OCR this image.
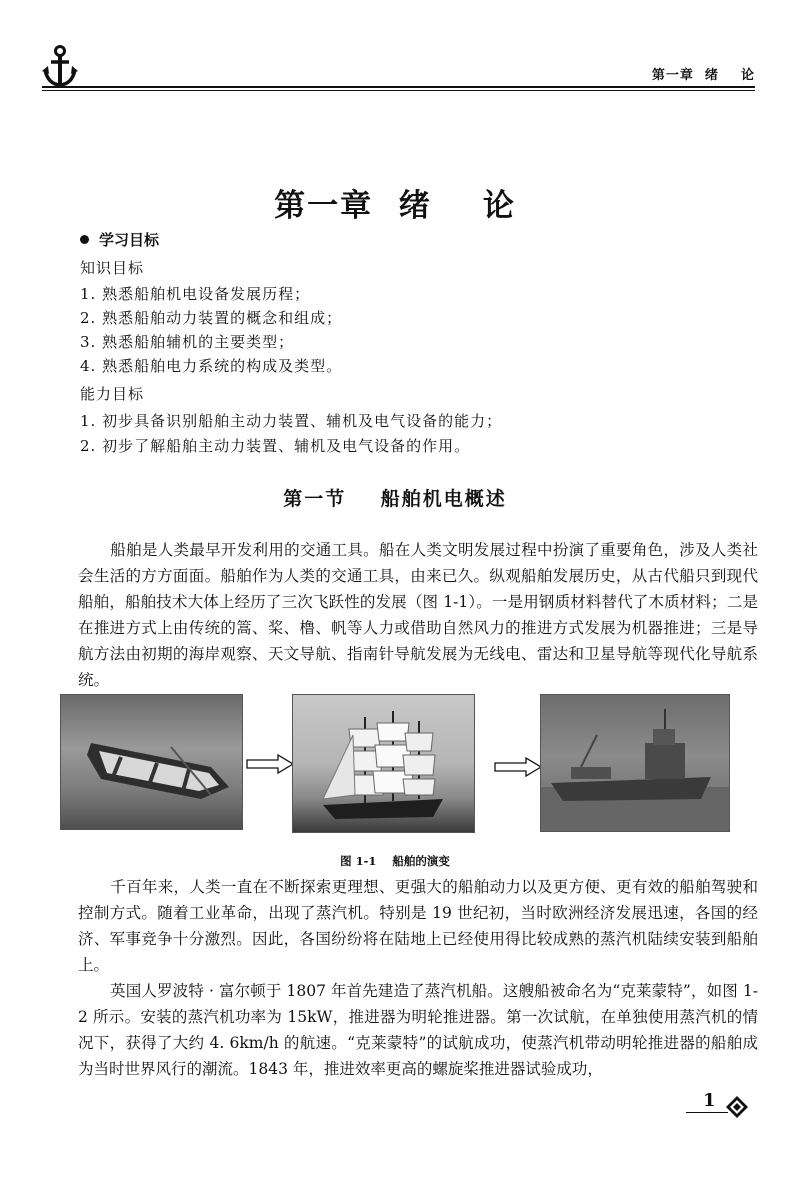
第一章  绪    论
第一章  绪    论
学习目标
知识目标
1. 熟悉船舶机电设备发展历程；
2. 熟悉船舶动力装置的概念和组成；
3. 熟悉船舶辅机的主要类型；
4. 熟悉船舶电力系统的构成及类型。
能力目标
1. 初步具备识别船舶主动力装置、辅机及电气设备的能力；
2. 初步了解船舶主动力装置、辅机及电气设备的作用。
第一节    船舶机电概述

船舶是人类最早开发利用的交通工具。船在人类文明发展过程中扮演了重要角色，涉及人类社会生活的方方面面。船舶作为人类的交通工具，由来已久。纵观船舶发展历史，从古代船只到现代船舶，船舶技术大体上经历了三次飞跃性的发展（图 1-1）。一是用钢质材料替代了木质材料；二是在推进方式上由传统的篙、桨、橹、帆等人力或借助自然风力的推进方式发展为机器推进；三是导航方法由初期的海岸观察、天文导航、指南针导航发展为无线电、雷达和卫星导航等现代化导航系统。

图 1-1    船舶的演变

千百年来，人类一直在不断探索更理想、更强大的船舶动力以及更方便、更有效的船舶驾驶和控制方式。随着工业革命，出现了蒸汽机。特别是 19 世纪初，当时欧洲经济发展迅速，各国的经济、军事竞争十分激烈。因此，各国纷纷将在陆地上已经使用得比较成熟的蒸汽机陆续安装到船舶上。

英国人罗波特 · 富尔顿于 1807 年首先建造了蒸汽机船。这艘船被命名为“克莱蒙特”，如图 1-2 所示。安装的蒸汽机功率为 15kW，推进器为明轮推进器。第一次试航，在单独使用蒸汽机的情况下，获得了大约 4. 6km/h 的航速。“克莱蒙特”的试航成功，使蒸汽机带动明轮推进器的船舶成为当时世界风行的潮流。1843 年，推进效率更高的螺旋桨推进器试验成功，

1
